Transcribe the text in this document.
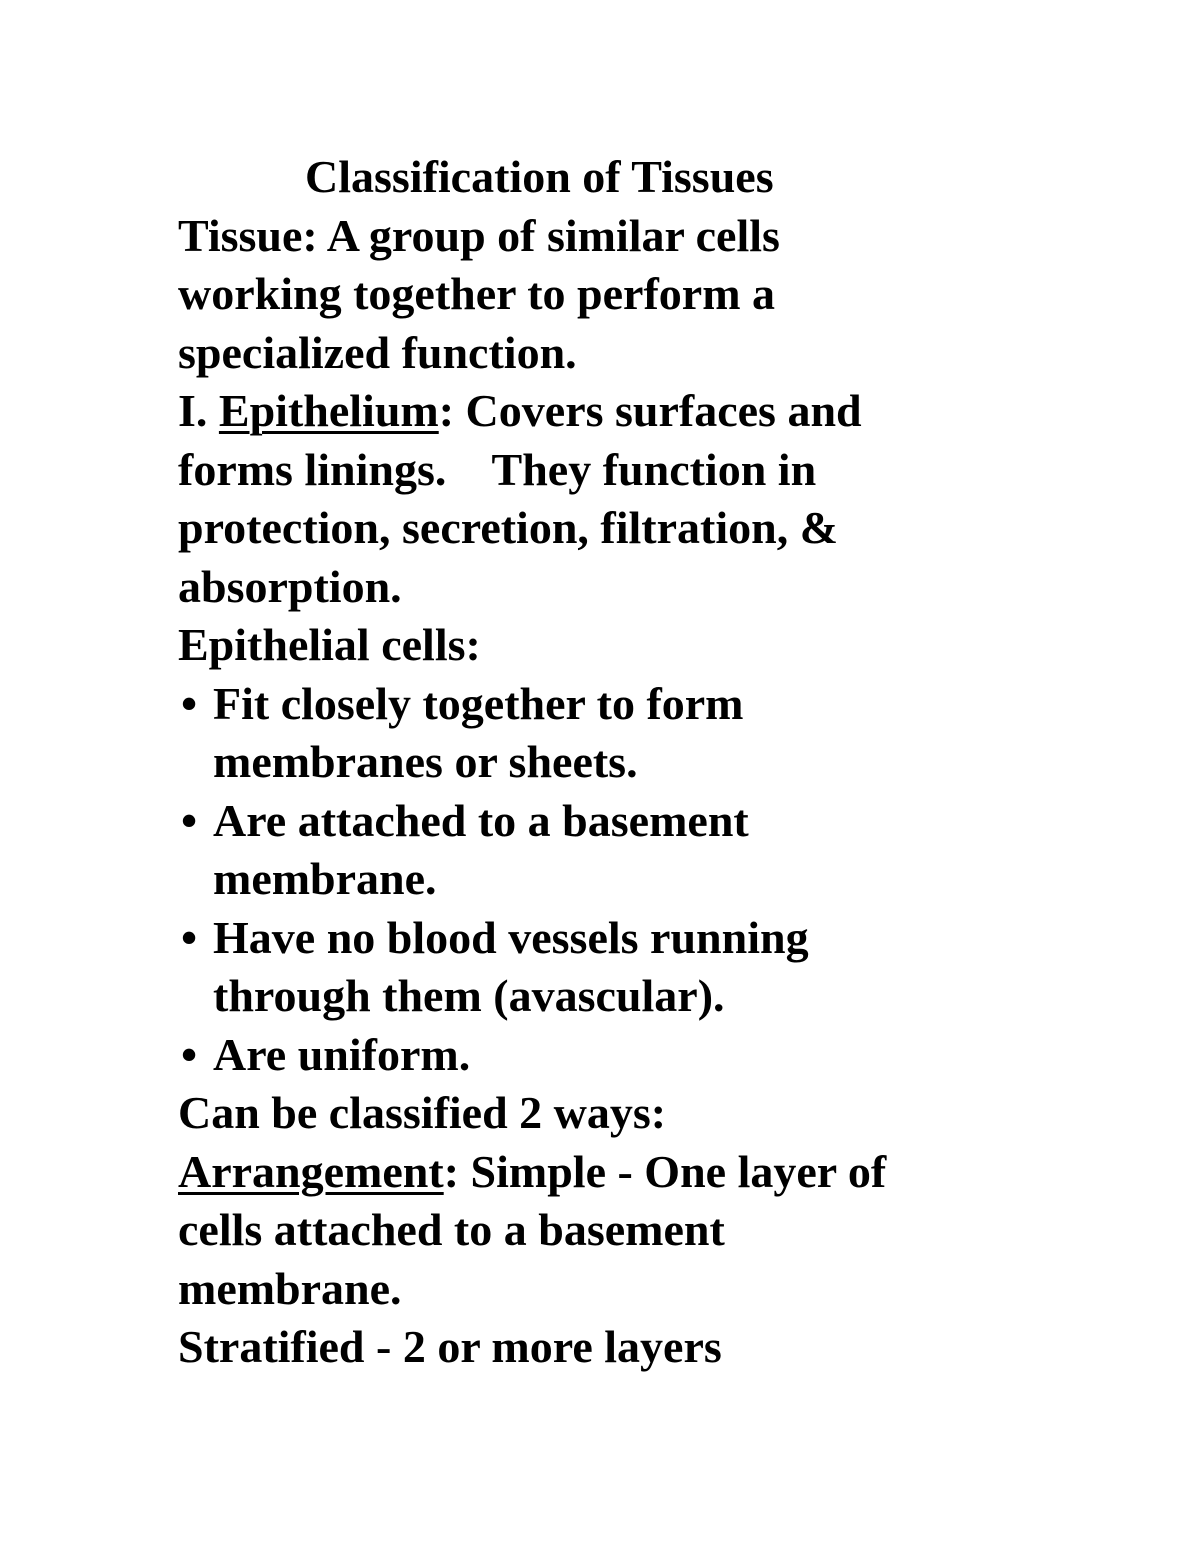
Classification of Tissues
Tissue: A group of similar cells
working together to perform a
specialized function.
I. Epithelium: Covers surfaces and
forms linings.    They function in
protection, secretion, filtration, &
absorption.
Epithelial cells:
• Fit closely together to form
membranes or sheets.
• Are attached to a basement
membrane.
• Have no blood vessels running
through them (avascular).
• Are uniform.
Can be classified 2 ways:
Arrangement: Simple - One layer of
cells attached to a basement
membrane.
Stratified - 2 or more layers
